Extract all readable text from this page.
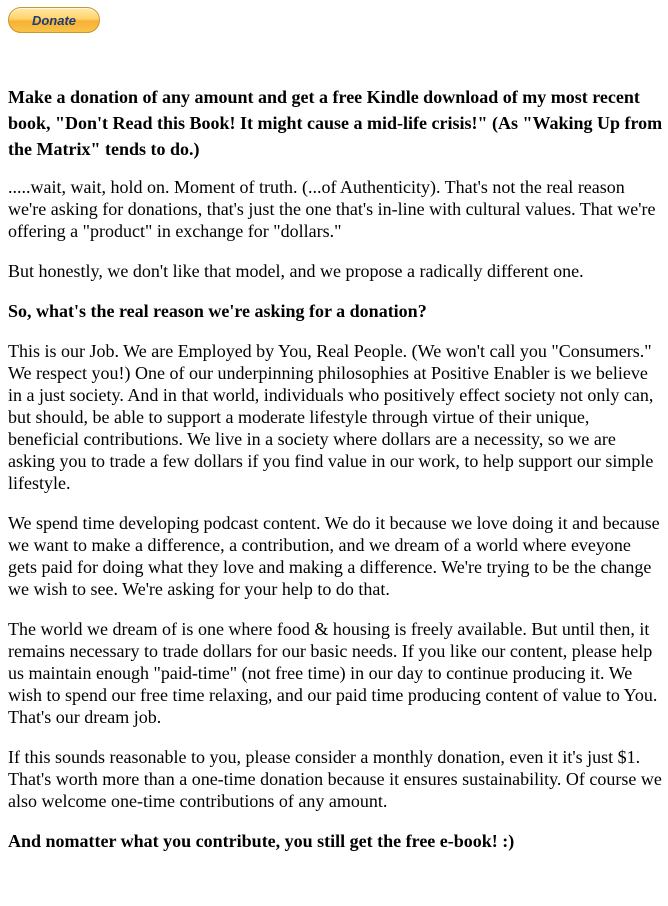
Donate

Make a donation of any amount and get a free Kindle download of my most recent book, "Don't Read this Book! It might cause a mid-life crisis!" (As "Waking Up from the Matrix" tends to do.)

.....wait, wait, hold on. Moment of truth. (...of Authenticity). That's not the real reason we're asking for donations, that's just the one that's in-line with cultural values. That we're offering a "product" in exchange for "dollars."

But honestly, we don't like that model, and we propose a radically different one.

So, what's the real reason we're asking for a donation?

This is our Job. We are Employed by You, Real People. (We won't call you "Consumers." We respect you!) One of our underpinning philosophies at Positive Enabler is we believe in a just society. And in that world, individuals who positively effect society not only can, but should, be able to support a moderate lifestyle through virtue of their unique, beneficial contributions. We live in a society where dollars are a necessity, so we are asking you to trade a few dollars if you find value in our work, to help support our simple lifestyle.

We spend time developing podcast content. We do it because we love doing it and because we want to make a difference, a contribution, and we dream of a world where eveyone gets paid for doing what they love and making a difference. We're trying to be the change we wish to see. We're asking for your help to do that.

The world we dream of is one where food & housing is freely available. But until then, it remains necessary to trade dollars for our basic needs. If you like our content, please help us maintain enough "paid-time" (not free time) in our day to continue producing it. We wish to spend our free time relaxing, and our paid time producing content of value to You. That's our dream job.

If this sounds reasonable to you, please consider a monthly donation, even it it's just $1. That's worth more than a one-time donation because it ensures sustainability. Of course we also welcome one-time contributions of any amount.

And nomatter what you contribute, you still get the free e-book! :)
